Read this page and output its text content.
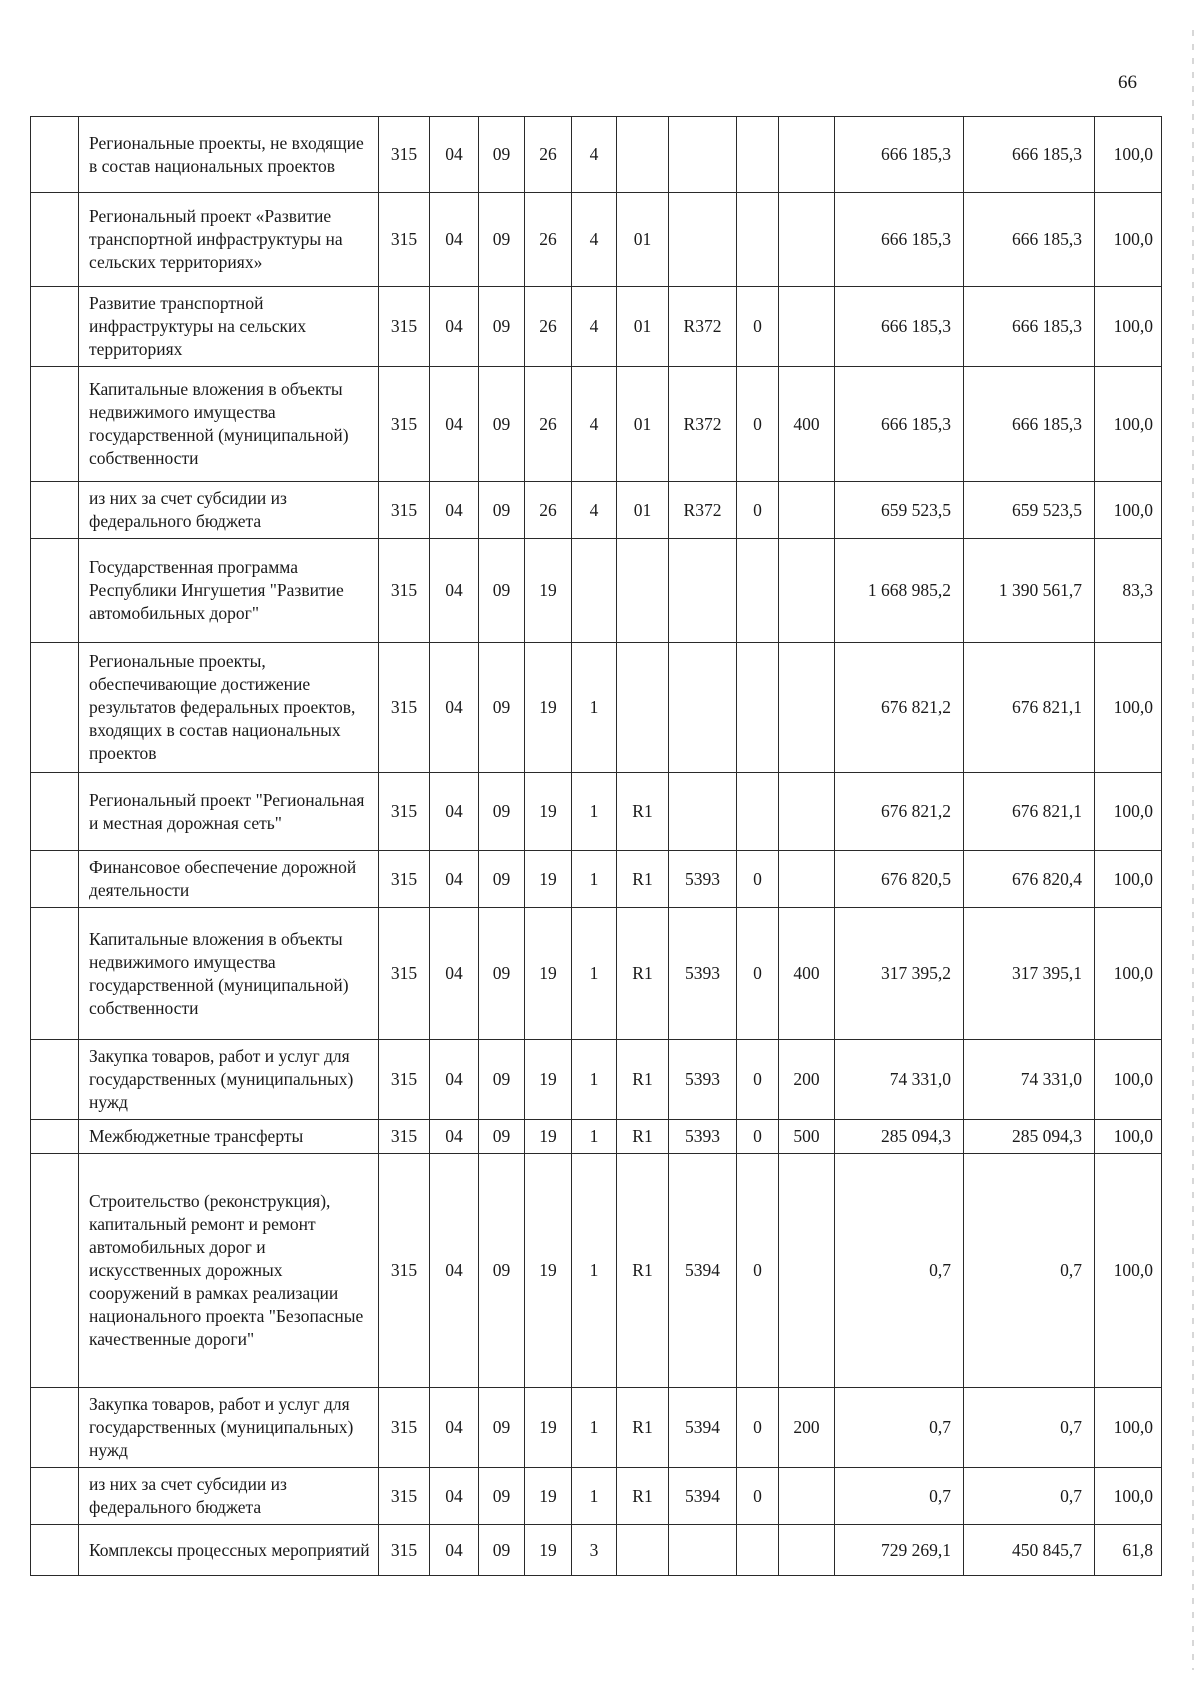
66
	Региональные проекты, не входящие в состав национальных проектов	315	04	09	26	4					666 185,3	666 185,3	100,0
	Региональный проект «Развитие транспортной инфраструктуры на сельских территориях»	315	04	09	26	4	01				666 185,3	666 185,3	100,0
	Развитие транспортной инфраструктуры на сельских территориях	315	04	09	26	4	01	R372	0		666 185,3	666 185,3	100,0
	Капитальные вложения в объекты недвижимого имущества государственной (муниципальной) собственности	315	04	09	26	4	01	R372	0	400	666 185,3	666 185,3	100,0
	из них за счет субсидии из федерального бюджета	315	04	09	26	4	01	R372	0		659 523,5	659 523,5	100,0
	Государственная программа Республики Ингушетия "Развитие автомобильных дорог"	315	04	09	19						1 668 985,2	1 390 561,7	83,3
	Региональные проекты, обеспечивающие достижение результатов федеральных проектов, входящих в состав национальных проектов	315	04	09	19	1					676 821,2	676 821,1	100,0
	Региональный проект "Региональная и местная дорожная сеть"	315	04	09	19	1	R1				676 821,2	676 821,1	100,0
	Финансовое обеспечение дорожной деятельности	315	04	09	19	1	R1	5393	0		676 820,5	676 820,4	100,0
	Капитальные вложения в объекты недвижимого имущества государственной (муниципальной) собственности	315	04	09	19	1	R1	5393	0	400	317 395,2	317 395,1	100,0
	Закупка товаров, работ и услуг для государственных (муниципальных) нужд	315	04	09	19	1	R1	5393	0	200	74 331,0	74 331,0	100,0
	Межбюджетные трансферты	315	04	09	19	1	R1	5393	0	500	285 094,3	285 094,3	100,0
	Строительство (реконструкция), капитальный ремонт и ремонт автомобильных дорог и искусственных дорожных сооружений в рамках реализации национального проекта "Безопасные качественные дороги"	315	04	09	19	1	R1	5394	0		0,7	0,7	100,0
	Закупка товаров, работ и услуг для государственных (муниципальных) нужд	315	04	09	19	1	R1	5394	0	200	0,7	0,7	100,0
	из них за счет субсидии из федерального бюджета	315	04	09	19	1	R1	5394	0		0,7	0,7	100,0
	Комплексы процессных мероприятий	315	04	09	19	3					729 269,1	450 845,7	61,8
